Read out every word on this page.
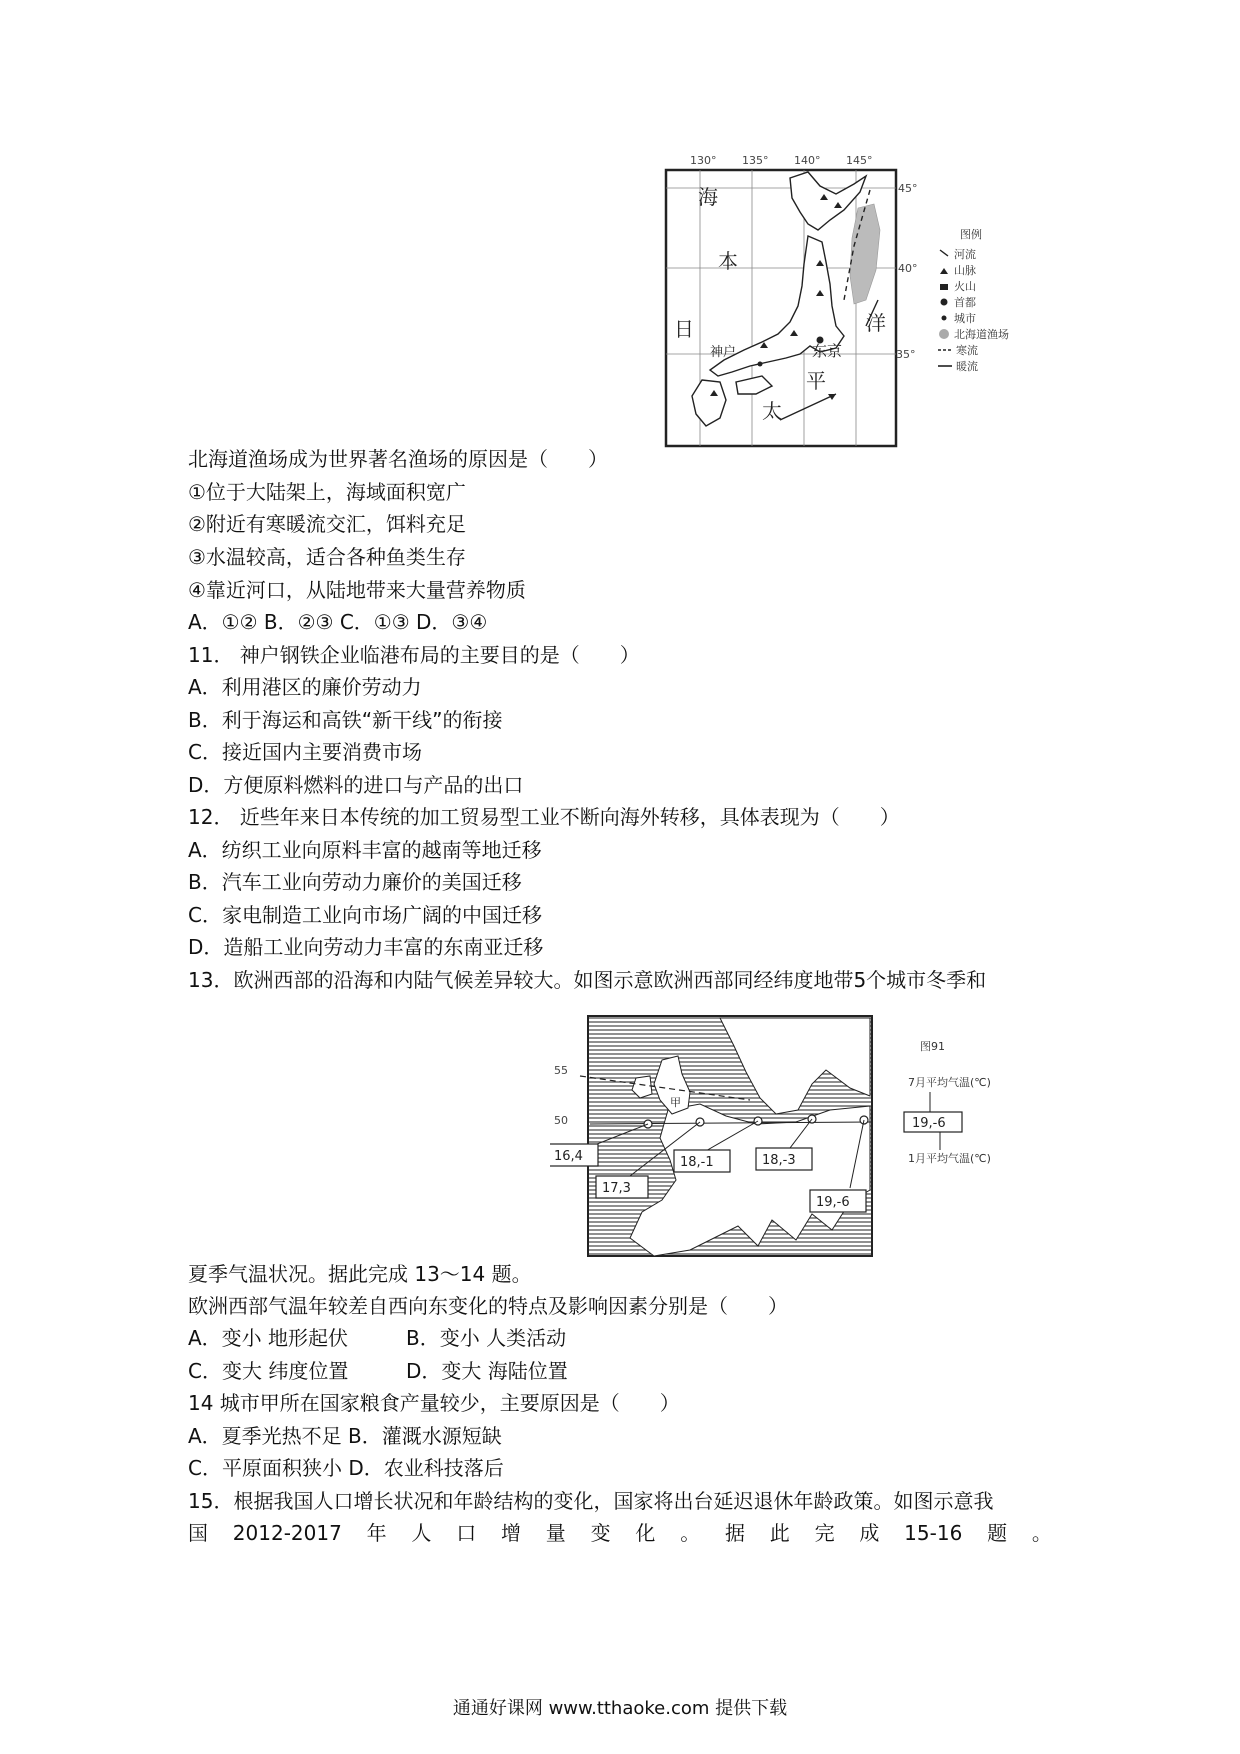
130° 135° 140° 145°
45°
40°
35°
海
本
日	洋
平
太
神户	东京
图例
河流
山脉
火山
首都
城市
北海道渔场
寒流
暖流
北海道渔场成为世界著名渔场的原因是（　　）
①位于大陆架上，海域面积宽广
②附近有寒暖流交汇，饵料充足
③水温较高，适合各种鱼类生存
④靠近河口，从陆地带来大量营养物质
A．①② B．②③ C．①③ D．③④
11． 神户钢铁企业临港布局的主要目的是（　　）
A．利用港区的廉价劳动力
B．利于海运和高铁“新干线”的衔接
C．接近国内主要消费市场
D．方便原料燃料的进口与产品的出口
12． 近些年来日本传统的加工贸易型工业不断向海外转移，具体表现为（　　）
A．纺织工业向原料丰富的越南等地迁移
B．汽车工业向劳动力廉价的美国迁移
C．家电制造工业向市场广阔的中国迁移
D．造船工业向劳动力丰富的东南亚迁移
13．欧洲西部的沿海和内陆气候差异较大。如图示意欧洲西部同经纬度地带5个城市冬季和
55
50
甲
16,4
17,3
18,-1	18,-3
19,-6
图91
7月平均气温(℃)
19,-6
1月平均气温(℃)
夏季气温状况。据此完成 13～14 题。
欧洲西部气温年较差自西向东变化的特点及影响因素分别是（　　）
A．变小 地形起伏	B．变小 人类活动
C．变大 纬度位置	D．变大 海陆位置
14 城市甲所在国家粮食产量较少，主要原因是（　　）
A．夏季光热不足 B．灌溉水源短缺
C．平原面积狭小 D．农业科技落后
15．根据我国人口增长状况和年龄结构的变化，国家将出台延迟退休年龄政策。如图示意我
国 2012-2017 年 人 口 增 量 变 化 。 据 此 完 成 15-16 题 。
通通好课网 www.tthaoke.com 提供下载
